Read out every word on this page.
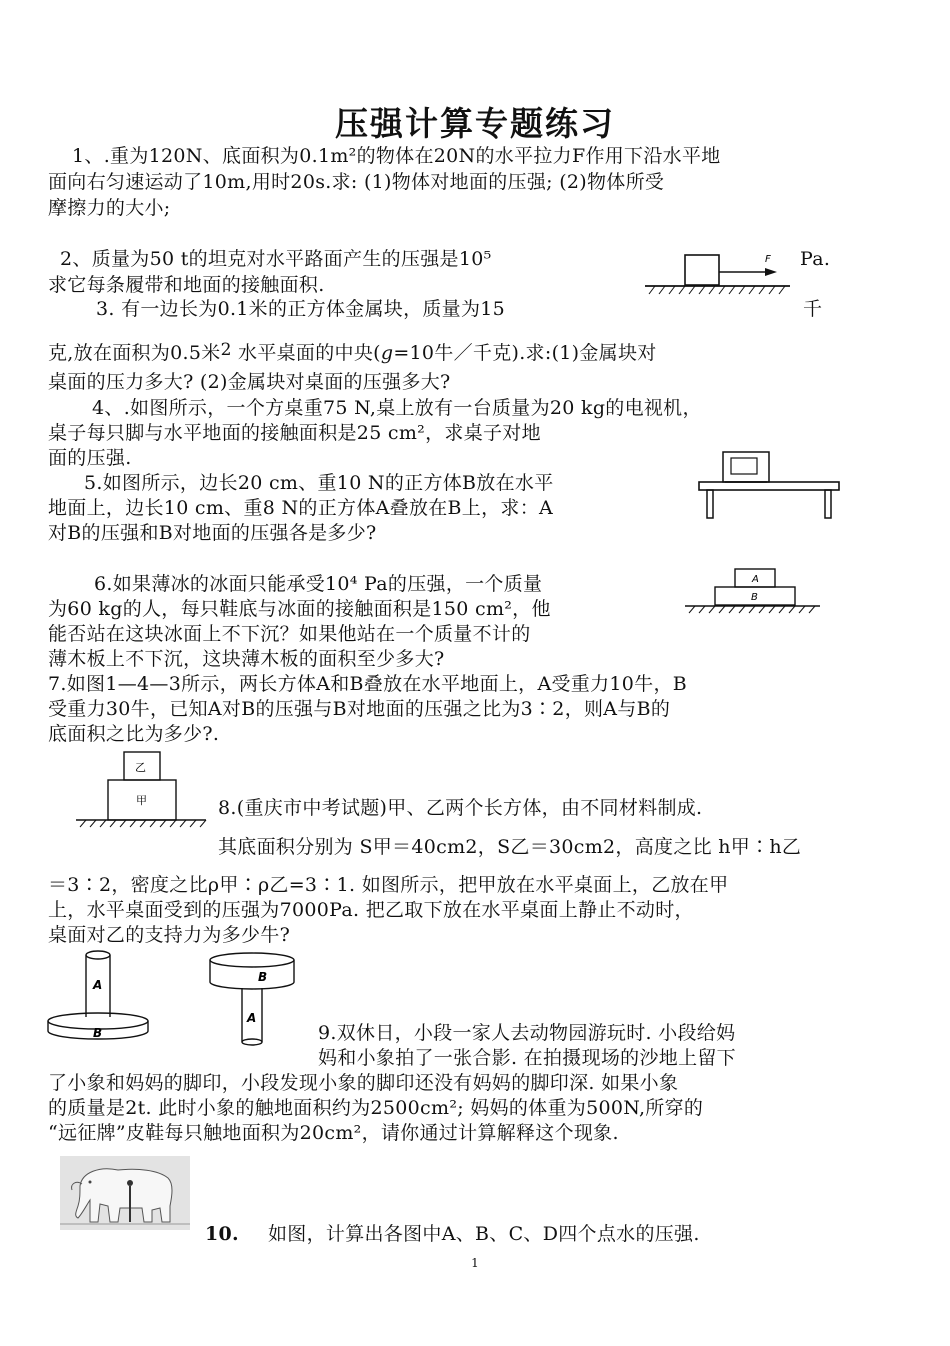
压强计算专题练习
1、.重为120N、底面积为0.1m²的物体在20N的水平拉力F作用下沿水平地
面向右匀速运动了10m,用时20s.求: (1)物体对地面的压强; (2)物体所受
摩擦力的大小;
2、质量为50 t的坦克对水平路面产生的压强是10⁵	Pa.
求它每条履带和地面的接触面积.
F
3. 有一边长为0.1米的正方体金属块，质量为15	千
克,放在面积为0.5米2 水平桌面的中央(g=10牛／千克).求:(1)金属块对
桌面的压力多大? (2)金属块对桌面的压强多大?
4、.如图所示，一个方桌重75 N,桌上放有一台质量为20 kg的电视机，
桌子每只脚与水平地面的接触面积是25 cm²，求桌子对地
面的压强.
5.如图所示，边长20 cm、重10 N的正方体B放在水平
地面上，边长10 cm、重8 N的正方体A叠放在B上，求：A
对B的压强和B对地面的压强各是多少?
6.如果薄冰的冰面只能承受10⁴ Pa的压强，一个质量
为60 kg的人，每只鞋底与冰面的接触面积是150 cm²，他
能否站在这块冰面上不下沉？如果他站在一个质量不计的
薄木板上不下沉，这块薄木板的面积至少多大?
A
B
7.如图1—4—3所示，两长方体A和B叠放在水平地面上，A受重力10牛，B
受重力30牛，已知A对B的压强与B对地面的压强之比为3∶2，则A与B的
底面积之比为多少?.
乙
甲	8.(重庆市中考试题)甲、乙两个长方体，由不同材料制成.
其底面积分别为 S甲＝40cm2，S乙＝30cm2，高度之比 h甲∶h乙
＝3∶2，密度之比ρ甲∶ρ乙=3∶1. 如图所示，把甲放在水平桌面上，乙放在甲
上，水平桌面受到的压强为7000Pa. 把乙取下放在水平桌面上静止不动时，
桌面对乙的支持力为多少牛?
A
B
B
A
9.双休日，小段一家人去动物园游玩时. 小段给妈
妈和小象拍了一张合影. 在拍摄现场的沙地上留下
了小象和妈妈的脚印，小段发现小象的脚印还没有妈妈的脚印深. 如果小象
的质量是2t. 此时小象的触地面积约为2500cm²; 妈妈的体重为500N,所穿的
“远征牌”皮鞋每只触地面积为20cm²，请你通过计算解释这个现象.
10. 如图，计算出各图中A、B、C、D四个点水的压强.
1
